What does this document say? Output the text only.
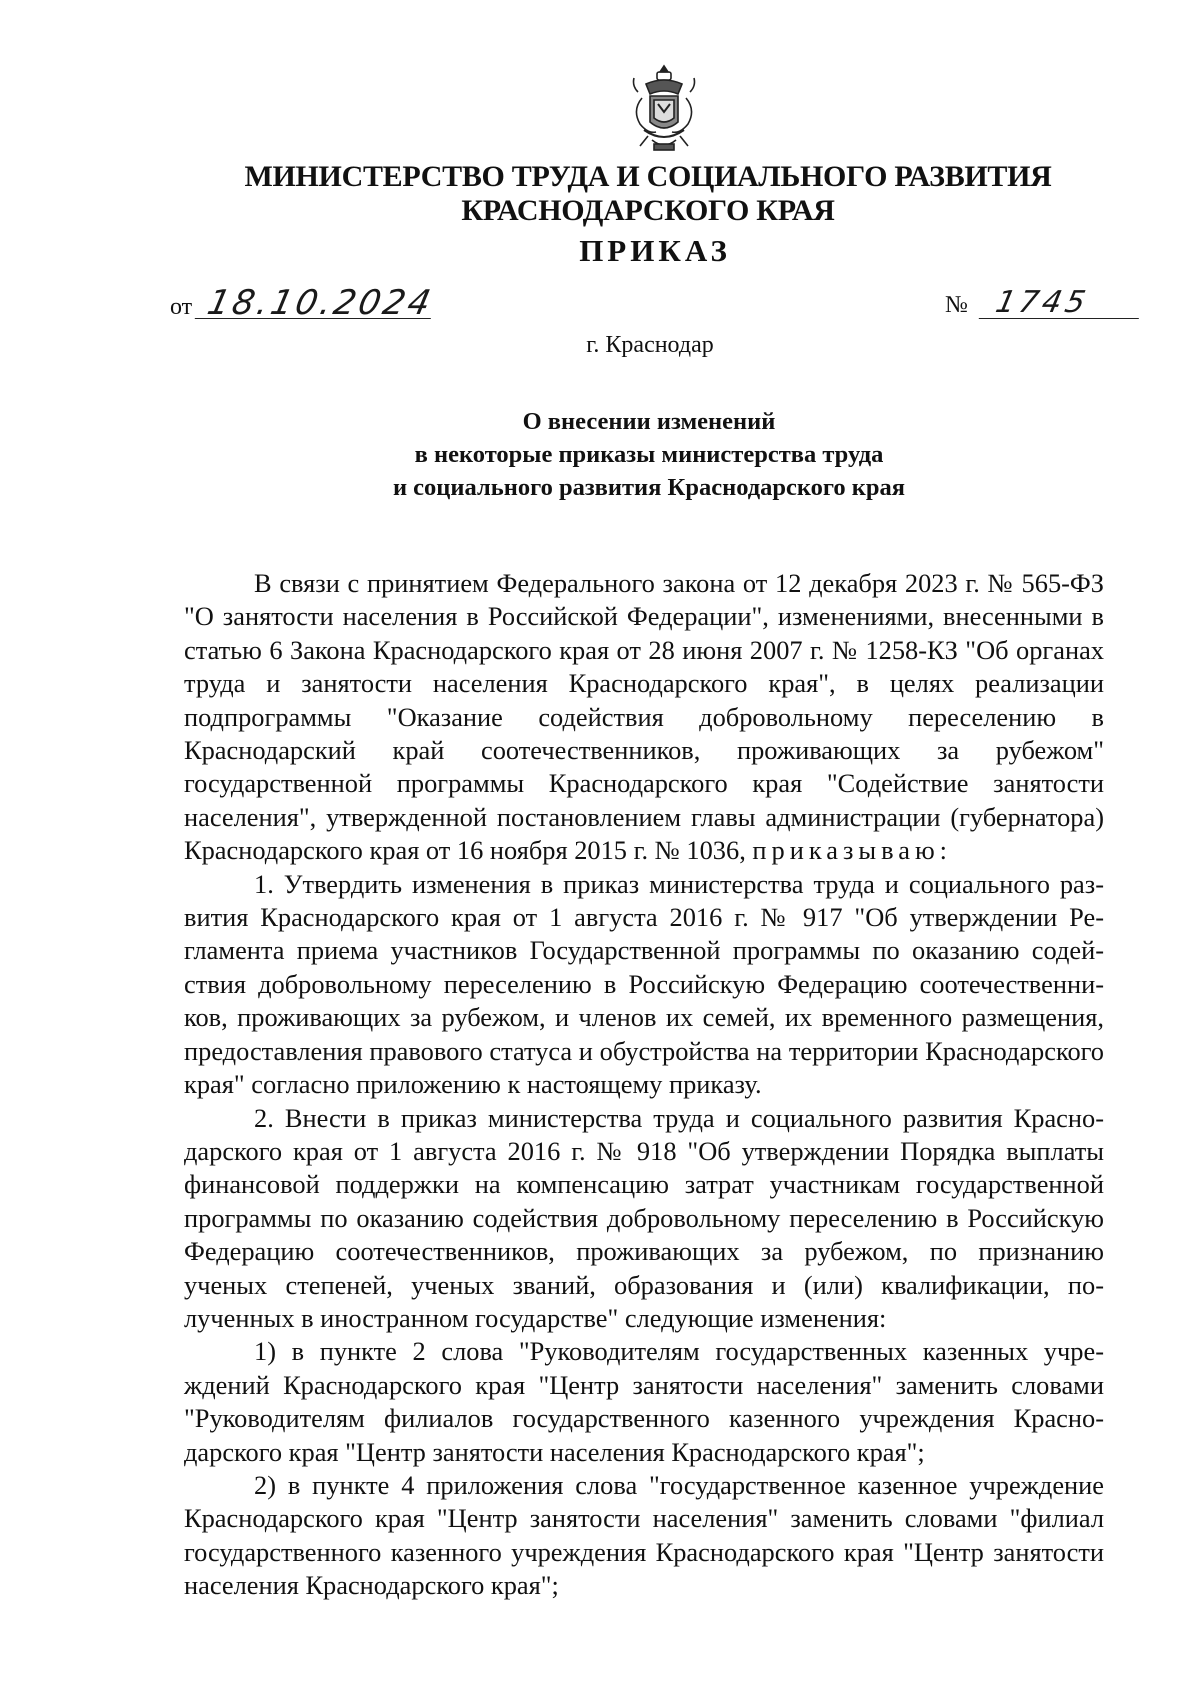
МИНИСТЕРСТВО ТРУДА И СОЦИАЛЬНОГО РАЗВИТИЯ
КРАСНОДАРСКОГО КРАЯ
ПРИКАЗ
от 18.10.2024	№ 1745
г. Краснодар
О внесении изменений
в некоторые приказы министерства труда
и социального развития Краснодарского края

В связи с принятием Федерального закона от 12 декабря 2023 г. № 565-ФЗ "О занятости населения в Российской Федерации", изменениями, внесенными в статью 6 Закона Краснодарского края от 28 июня 2007 г. № 1258-КЗ "Об органах труда и занятости населения Краснодарского края", в целях реализации подпрограммы "Оказание содействия добровольному переселению в Краснодарский край соотечественников, проживающих за рубежом" государственной программы Краснодарского края "Содействие занятости населения", утвержденной постановлением главы администрации (губернатора) Краснодарского края от 16 ноября 2015 г. № 1036, приказываю:

1. Утвердить изменения в приказ министерства труда и социального развития Краснодарского края от 1 августа 2016 г. № 917 "Об утверждении Регламента приема участников Государственной программы по оказанию содействия добровольному переселению в Российскую Федерацию соотечественников, проживающих за рубежом, и членов их семей, их временного размещения, предоставления правового статуса и обустройства на территории Краснодарского края" согласно приложению к настоящему приказу.

2. Внести в приказ министерства труда и социального развития Краснодарского края от 1 августа 2016 г. № 918 "Об утверждении Порядка выплаты финансовой поддержки на компенсацию затрат участникам государственной программы по оказанию содействия добровольному переселению в Российскую Федерацию соотечественников, проживающих за рубежом, по признанию ученых степеней, ученых званий, образования и (или) квалификации, полученных в иностранном государстве" следующие изменения:

1) в пункте 2 слова "Руководителям государственных казенных учреждений Краснодарского края "Центр занятости населения" заменить словами "Руководителям филиалов государственного казенного учреждения Краснодарского края "Центр занятости населения Краснодарского края";

2) в пункте 4 приложения слова "государственное казенное учреждение Краснодарского края "Центр занятости населения" заменить словами "филиал государственного казенного учреждения Краснодарского края "Центр занятости населения Краснодарского края";
